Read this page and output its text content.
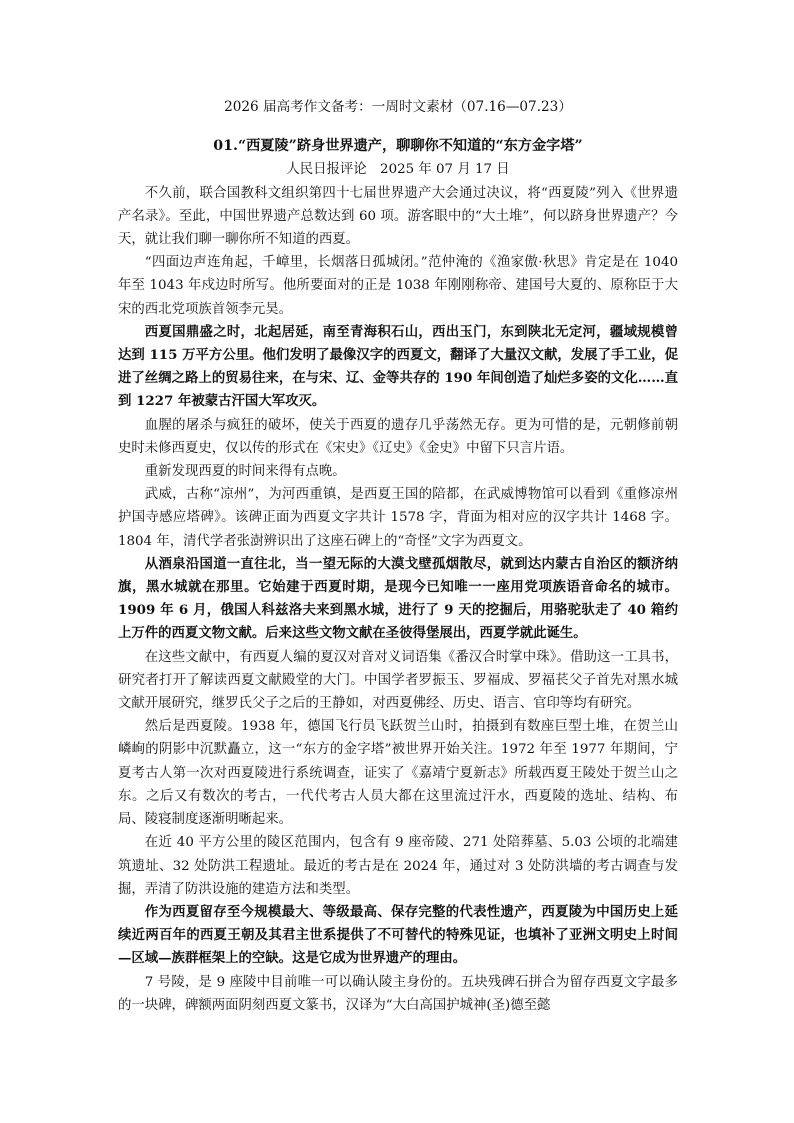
2026 届高考作文备考：一周时文素材（07.16—07.23）
01.“西夏陵”跻身世界遗产，聊聊你不知道的“东方金字塔”
人民日报评论　2025 年 07 月 17 日

不久前，联合国教科文组织第四十七届世界遗产大会通过决议，将“西夏陵”列入《世界遗产名录》。至此，中国世界遗产总数达到 60 项。游客眼中的“大土堆”，何以跻身世界遗产？今天，就让我们聊一聊你所不知道的西夏。

“四面边声连角起，千嶂里，长烟落日孤城闭。”范仲淹的《渔家傲·秋思》肯定是在 1040 年至 1043 年戍边时所写。他所要面对的正是 1038 年刚刚称帝、建国号大夏的、原称臣于大宋的西北党项族首领李元昊。

西夏国鼎盛之时，北起居延，南至青海积石山，西出玉门，东到陕北无定河，疆域规模曾达到 115 万平方公里。他们发明了最像汉字的西夏文，翻译了大量汉文献，发展了手工业，促进了丝绸之路上的贸易往来，在与宋、辽、金等共存的 190 年间创造了灿烂多姿的文化……直到 1227 年被蒙古汗国大军攻灭。

血腥的屠杀与疯狂的破坏，使关于西夏的遗存几乎荡然无存。更为可惜的是，元朝修前朝史时未修西夏史，仅以传的形式在《宋史》《辽史》《金史》中留下只言片语。

重新发现西夏的时间来得有点晚。

武威，古称“凉州”，为河西重镇，是西夏王国的陪都，在武威博物馆可以看到《重修凉州护国寺感应塔碑》。该碑正面为西夏文字共计 1578 字，背面为相对应的汉字共计 1468 字。1804 年，清代学者张澍辨识出了这座石碑上的“奇怪”文字为西夏文。

从酒泉沿国道一直往北，当一望无际的大漠戈壁孤烟散尽，就到达内蒙古自治区的额济纳旗，黑水城就在那里。它始建于西夏时期，是现今已知唯一一座用党项族语音命名的城市。1909 年 6 月，俄国人科兹洛夫来到黑水城，进行了 9 天的挖掘后，用骆驼驮走了 40 箱约上万件的西夏文物文献。后来这些文物文献在圣彼得堡展出，西夏学就此诞生。

在这些文献中，有西夏人编的夏汉对音对义词语集《番汉合时掌中珠》。借助这一工具书，研究者打开了解读西夏文献殿堂的大门。中国学者罗振玉、罗福成、罗福苌父子首先对黑水城文献开展研究，继罗氏父子之后的王静如，对西夏佛经、历史、语言、官印等均有研究。

然后是西夏陵。1938 年，德国飞行员飞跃贺兰山时，拍摄到有数座巨型土堆，在贺兰山嶙峋的阴影中沉默矗立，这一“东方的金字塔”被世界开始关注。1972 年至 1977 年期间，宁夏考古人第一次对西夏陵进行系统调查，证实了《嘉靖宁夏新志》所载西夏王陵处于贺兰山之东。之后又有数次的考古，一代代考古人员大都在这里流过汗水，西夏陵的选址、结构、布局、陵寝制度逐渐明晰起来。

在近 40 平方公里的陵区范围内，包含有 9 座帝陵、271 处陪葬墓、5.03 公顷的北端建筑遗址、32 处防洪工程遗址。最近的考古是在 2024 年，通过对 3 处防洪墙的考古调查与发掘，弄清了防洪设施的建造方法和类型。

作为西夏留存至今规模最大、等级最高、保存完整的代表性遗产，西夏陵为中国历史上延续近两百年的西夏王朝及其君主世系提供了不可替代的特殊见证，也填补了亚洲文明史上时间—区域—族群框架上的空缺。这是它成为世界遗产的理由。

7 号陵，是 9 座陵中目前唯一可以确认陵主身份的。五块残碑石拼合为留存西夏文字最多的一块碑，碑额两面阴刻西夏文篆书，汉译为“大白高国护城神(圣)德至懿
